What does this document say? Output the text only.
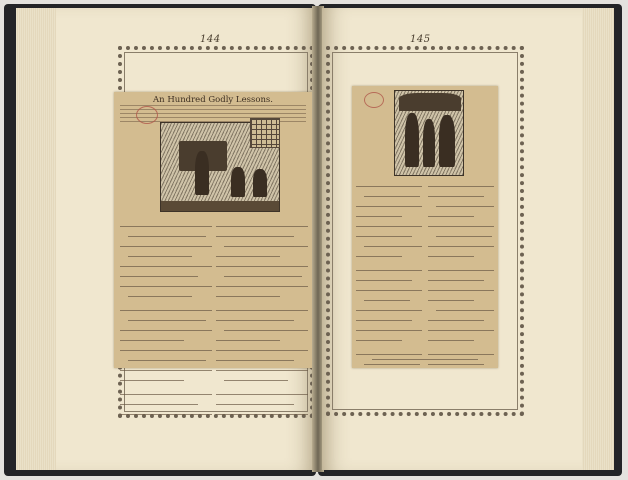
144
An Hundred Godly Lessons.
145
